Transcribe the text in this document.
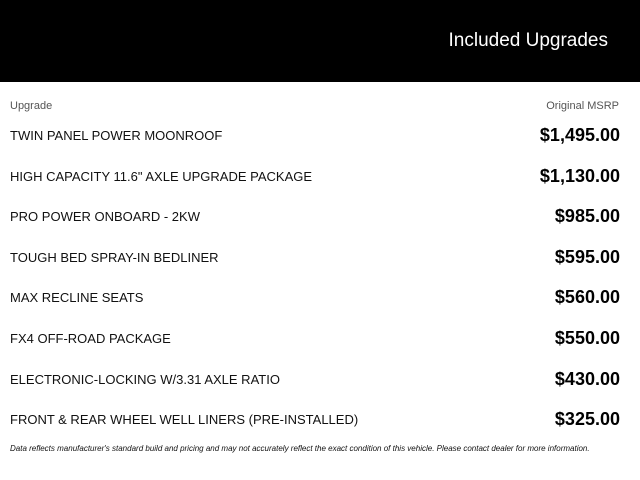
Included Upgrades
Upgrade	Original MSRP
TWIN PANEL POWER MOONROOF	$1,495.00
HIGH CAPACITY 11.6" AXLE UPGRADE PACKAGE	$1,130.00
PRO POWER ONBOARD - 2KW	$985.00
TOUGH BED SPRAY-IN BEDLINER	$595.00
MAX RECLINE SEATS	$560.00
FX4 OFF-ROAD PACKAGE	$550.00
ELECTRONIC-LOCKING W/3.31 AXLE RATIO	$430.00
FRONT & REAR WHEEL WELL LINERS (PRE-INSTALLED)	$325.00
Data reflects manufacturer's standard build and pricing and may not accurately reflect the exact condition of this vehicle. Please contact dealer for more information.
